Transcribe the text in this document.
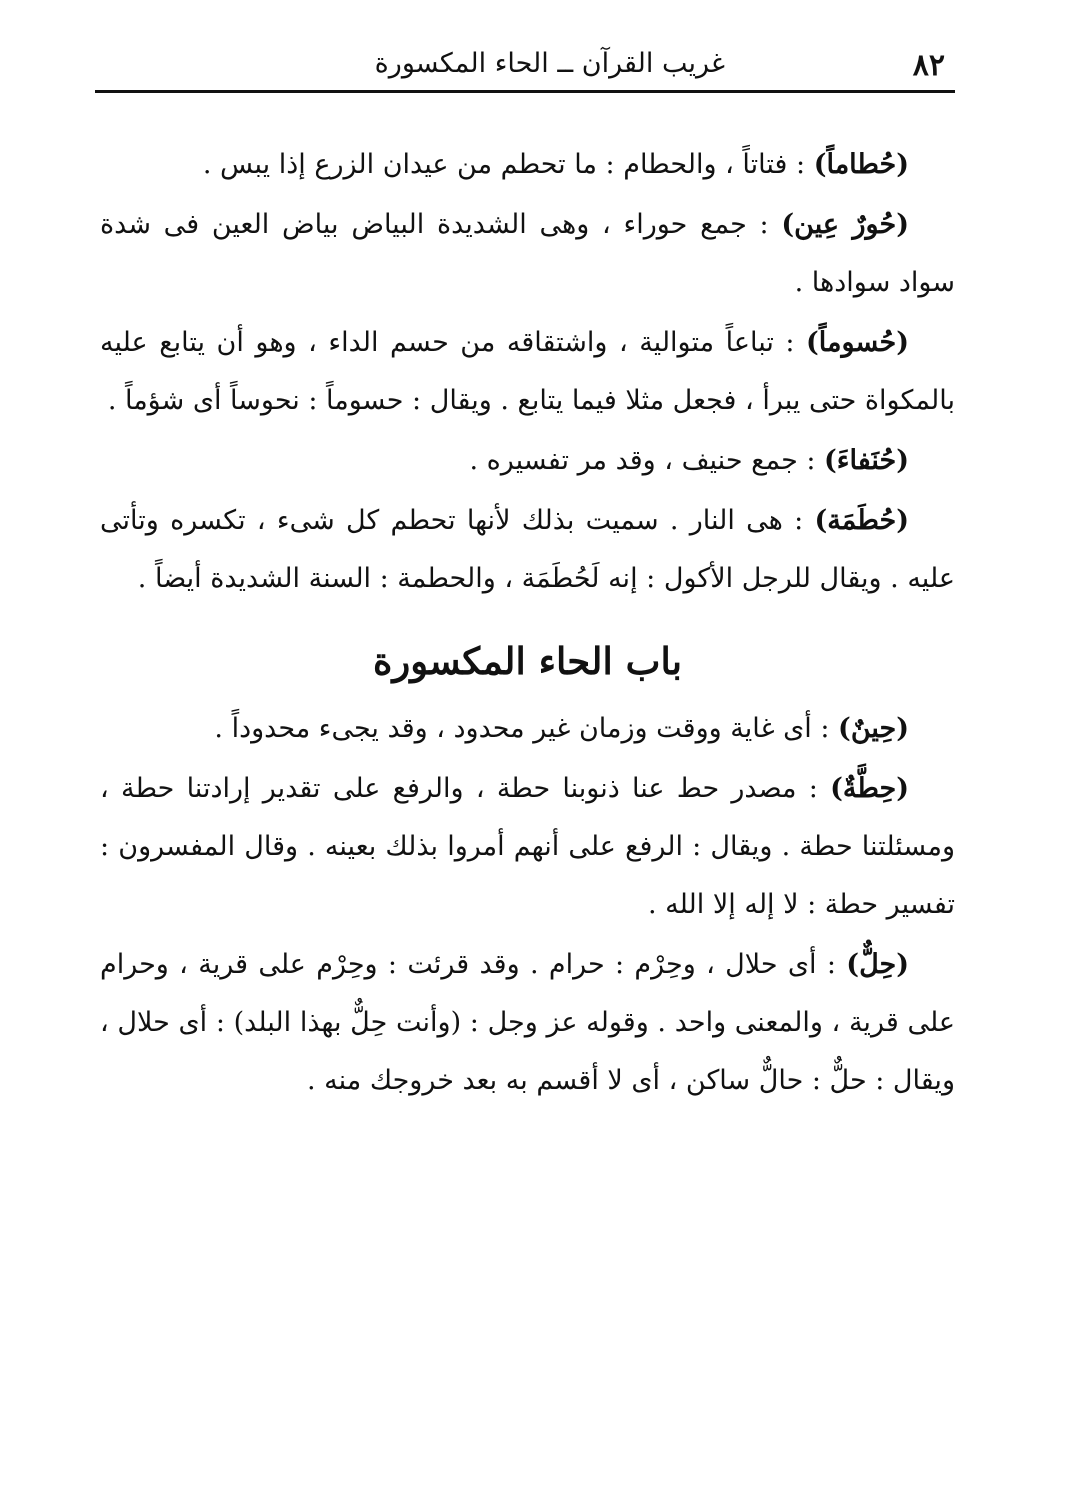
٨٢
غريب القرآن ــ الحاء المكسورة

(حُطاماً) : فتاتاً ، والحطام : ما تحطم من عيدان الزرع إذا يبس .

(حُورٌ عِين) : جمع حوراء ، وهى الشديدة البياض بياض العين فى شدة سواد سوادها .

(حُسوماً) : تباعاً متوالية ، واشتقاقه من حسم الداء ، وهو أن يتابع عليه بالمكواة حتى يبرأ ، فجعل مثلا فيما يتابع . ويقال : حسوماً : نحوساً أى شؤماً .

(حُنَفاءَ) : جمع حنيف ، وقد مر تفسيره .

(حُطَمَة) : هى النار . سميت بذلك لأنها تحطم كل شىء ، تكسره وتأتى عليه . ويقال للرجل الأكول : إنه لَحُطَمَة ، والحطمة : السنة الشديدة أيضاً .

باب الحاء المكسورة

(حِينٌ) : أى غاية ووقت وزمان غير محدود ، وقد يجىء محدوداً .

(حِطَّةٌ) : مصدر حط عنا ذنوبنا حطة ، والرفع على تقدير إرادتنا حطة ، ومسئلتنا حطة . ويقال : الرفع على أنهم أمروا بذلك بعينه . وقال المفسرون : تفسير حطة : لا إله إلا الله .

(حِلٌّ) : أى حلال ، وحِرْم : حرام . وقد قرئت : وحِرْم على قرية ، وحرام على قرية ، والمعنى واحد . وقوله عز وجل : (وأنت حِلٌّ بهذا البلد) : أى حلال ، ويقال : حلٌّ : حالٌّ ساكن ، أى لا أقسم به بعد خروجك منه .
